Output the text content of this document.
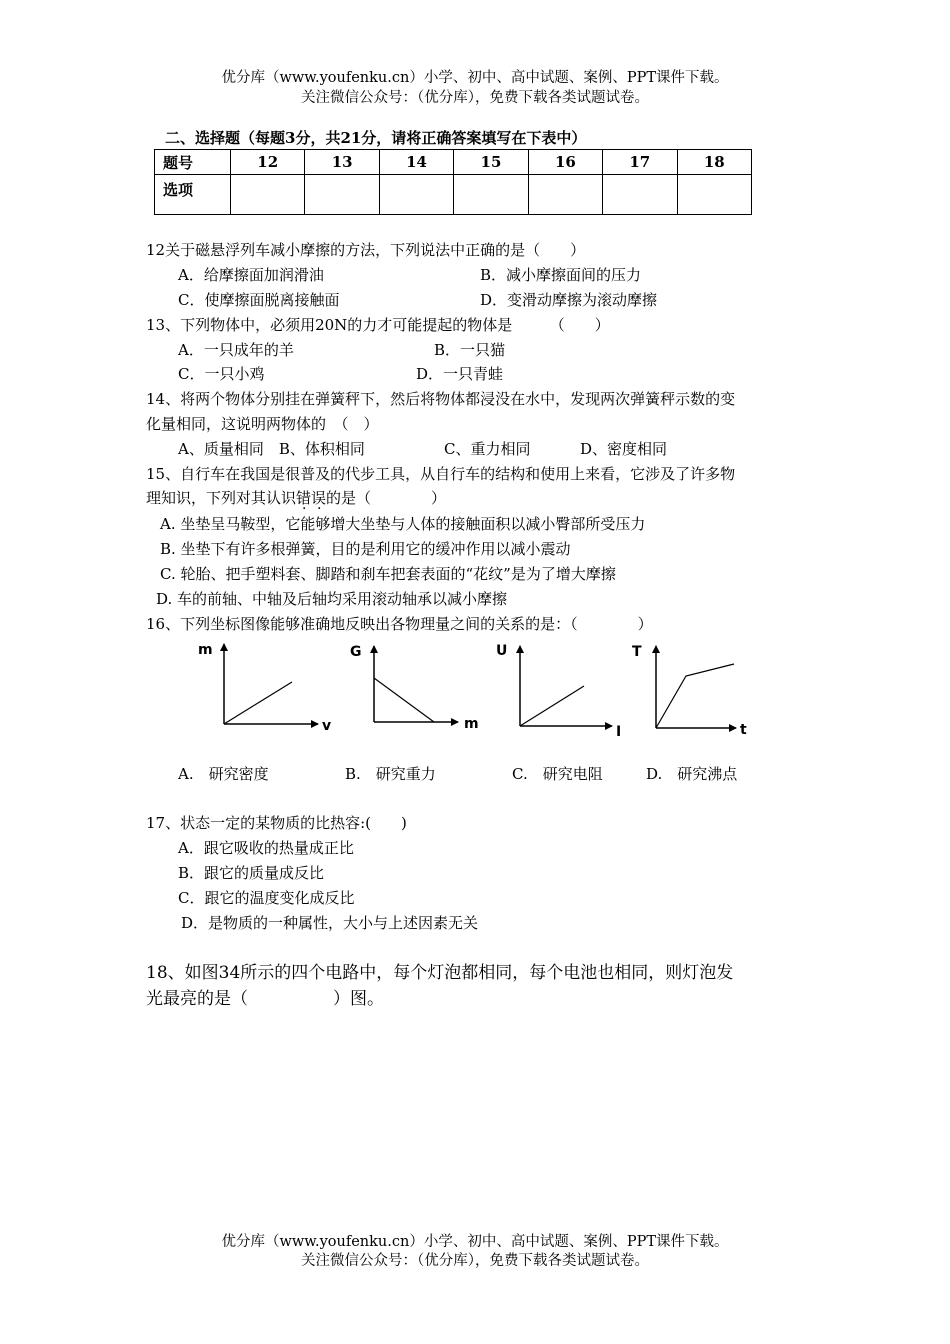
优分库（www.youfenku.cn）小学、初中、高中试题、案例、PPT课件下载。
关注微信公众号：（优分库），免费下载各类试题试卷。
二、选择题（每题3分，共21分，请将正确答案填写在下表中）
题号	12	13	14	15	16	17	18
选项							
12关于磁悬浮列车减小摩擦的方法，下列说法中正确的是（　　）
A．给摩擦面加润滑油	B．减小摩擦面间的压力
C．使摩擦面脱离接触面	D．变滑动摩擦为滚动摩擦
13、下列物体中，必须用20N的力才可能提起的物体是　　　（　　）
A．一只成年的羊	B．一只猫
C．一只小鸡	D．一只青蛙
14、将两个物体分别挂在弹簧秤下，然后将物体都浸没在水中，发现两次弹簧秤示数的变
化量相同，这说明两物体的　（　）
A、质量相同　B、体积相同	C、重力相同	D、密度相同
15、自行车在我国是很普及的代步工具，从自行车的结构和使用上来看，它涉及了许多物
理知识，下列对其认识错误的是（　　　　）
A. 坐垫呈马鞍型，它能够增大坐垫与人体的接触面积以减小臀部所受压力
B. 坐垫下有许多根弹簧，目的是利用它的缓冲作用以减小震动
C. 轮胎、把手塑料套、脚踏和刹车把套表面的“花纹”是为了增大摩擦
D. 车的前轴、中轴及后轴均采用滚动轴承以减小摩擦
16、下列坐标图像能够准确地反映出各物理量之间的关系的是：（　　　　）
m
v
G
m
U
I
T
t
A.　研究密度	B.　研究重力	C.　研究电阻	D.　研究沸点
17、状态一定的某物质的比热容:(　　)
A．跟它吸收的热量成正比
B．跟它的质量成反比
C．跟它的温度变化成反比
D．是物质的一种属性，大小与上述因素无关
18、如图34所示的四个电路中，每个灯泡都相同，每个电池也相同，则灯泡发
光最亮的是（　　　　　）图。
优分库（www.youfenku.cn）小学、初中、高中试题、案例、PPT课件下载。
关注微信公众号：（优分库），免费下载各类试题试卷。
